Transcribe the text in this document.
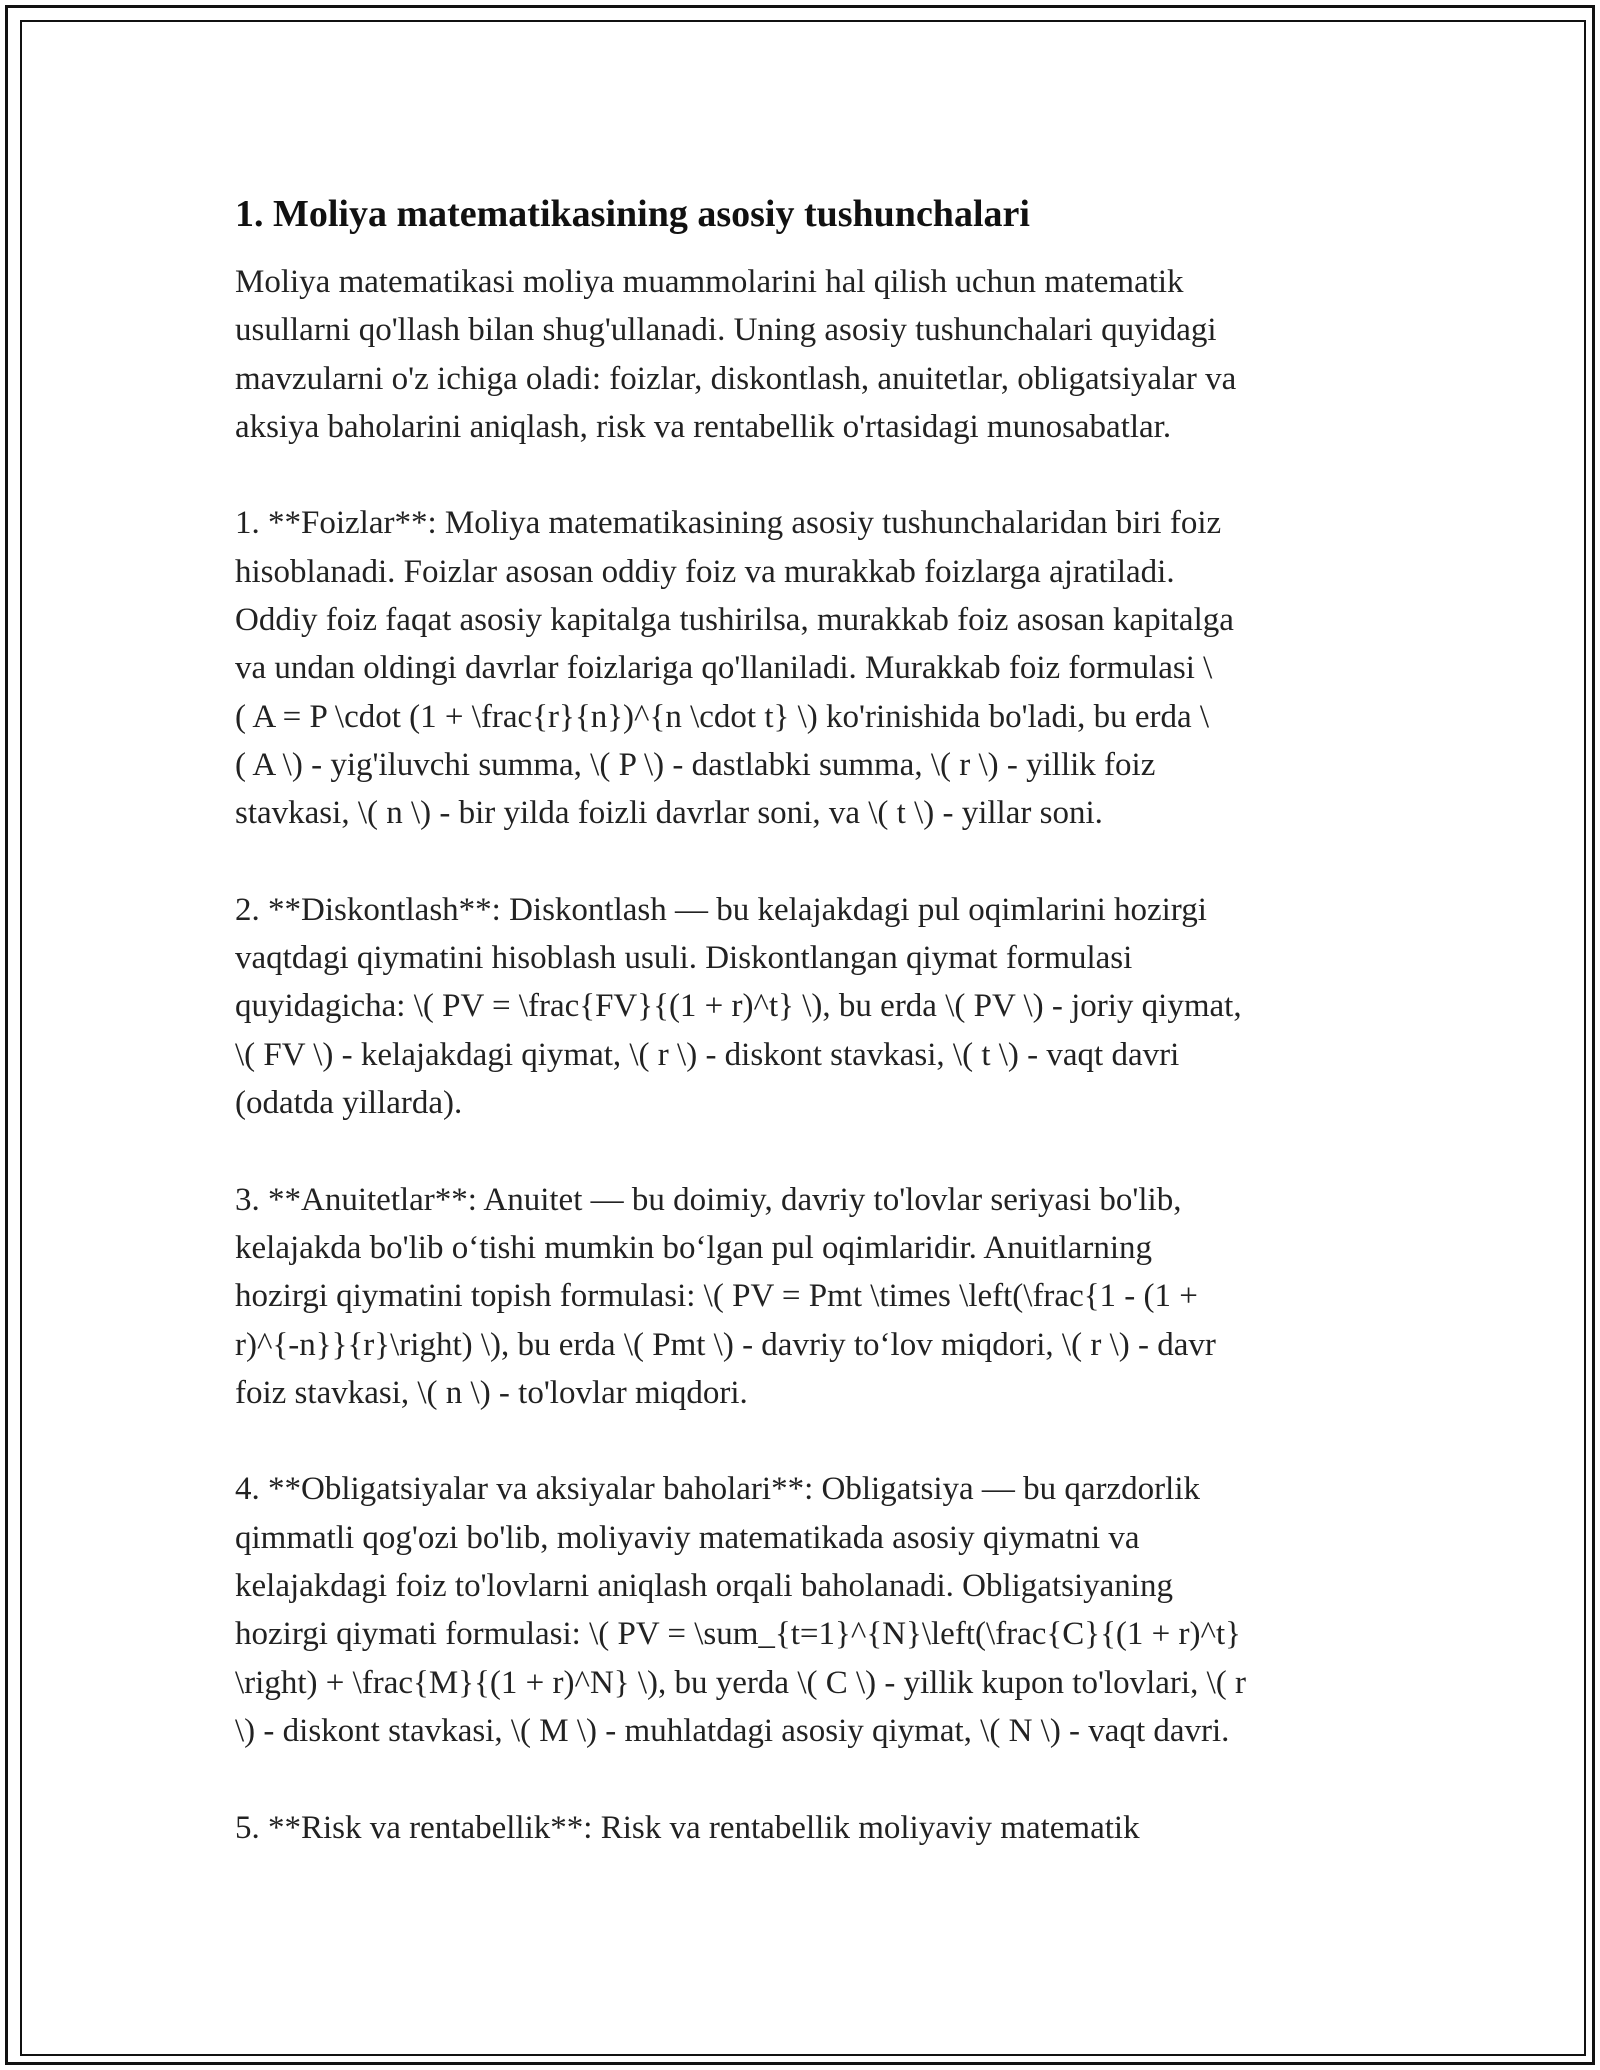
1. Moliya matematikasining asosiy tushunchalari

Moliya matematikasi moliya muammolarini hal qilish uchun matematik
usullarni qo'llash bilan shug'ullanadi. Uning asosiy tushunchalari quyidagi
mavzularni o'z ichiga oladi: foizlar, diskontlash, anuitetlar, obligatsiyalar va
aksiya baholarini aniqlash, risk va rentabellik o'rtasidagi munosabatlar.

1. **Foizlar**: Moliya matematikasining asosiy tushunchalaridan biri foiz
hisoblanadi. Foizlar asosan oddiy foiz va murakkab foizlarga ajratiladi.
Oddiy foiz faqat asosiy kapitalga tushirilsa, murakkab foiz asosan kapitalga
va undan oldingi davrlar foizlariga qo'llaniladi. Murakkab foiz formulasi \
( A = P \cdot (1 + \frac{r}{n})^{n \cdot t} \) ko'rinishida bo'ladi, bu erda \
( A \) - yig'iluvchi summa, \( P \) - dastlabki summa, \( r \) - yillik foiz
stavkasi, \( n \) - bir yilda foizli davrlar soni, va \( t \) - yillar soni.

2. **Diskontlash**: Diskontlash — bu kelajakdagi pul oqimlarini hozirgi
vaqtdagi qiymatini hisoblash usuli. Diskontlangan qiymat formulasi
quyidagicha: \( PV = \frac{FV}{(1 + r)^t} \), bu erda \( PV \) - joriy qiymat,
\( FV \) - kelajakdagi qiymat, \( r \) - diskont stavkasi, \( t \) - vaqt davri
(odatda yillarda).

3. **Anuitetlar**: Anuitet — bu doimiy, davriy to'lovlar seriyasi bo'lib,
kelajakda bo'lib o‘tishi mumkin bo‘lgan pul oqimlaridir. Anuitlarning
hozirgi qiymatini topish formulasi: \( PV = Pmt \times \left(\frac{1 - (1 +
r)^{-n}}{r}\right) \), bu erda \( Pmt \) - davriy to‘lov miqdori, \( r \) - davr
foiz stavkasi, \( n \) - to'lovlar miqdori.

4. **Obligatsiyalar va aksiyalar baholari**: Obligatsiya — bu qarzdorlik
qimmatli qog'ozi bo'lib, moliyaviy matematikada asosiy qiymatni va
kelajakdagi foiz to'lovlarni aniqlash orqali baholanadi. Obligatsiyaning
hozirgi qiymati formulasi: \( PV = \sum_{t=1}^{N}\left(\frac{C}{(1 + r)^t}
\right) + \frac{M}{(1 + r)^N} \), bu yerda \( C \) - yillik kupon to'lovlari, \( r
\) - diskont stavkasi, \( M \) - muhlatdagi asosiy qiymat, \( N \) - vaqt davri.

5. **Risk va rentabellik**: Risk va rentabellik moliyaviy matematik
